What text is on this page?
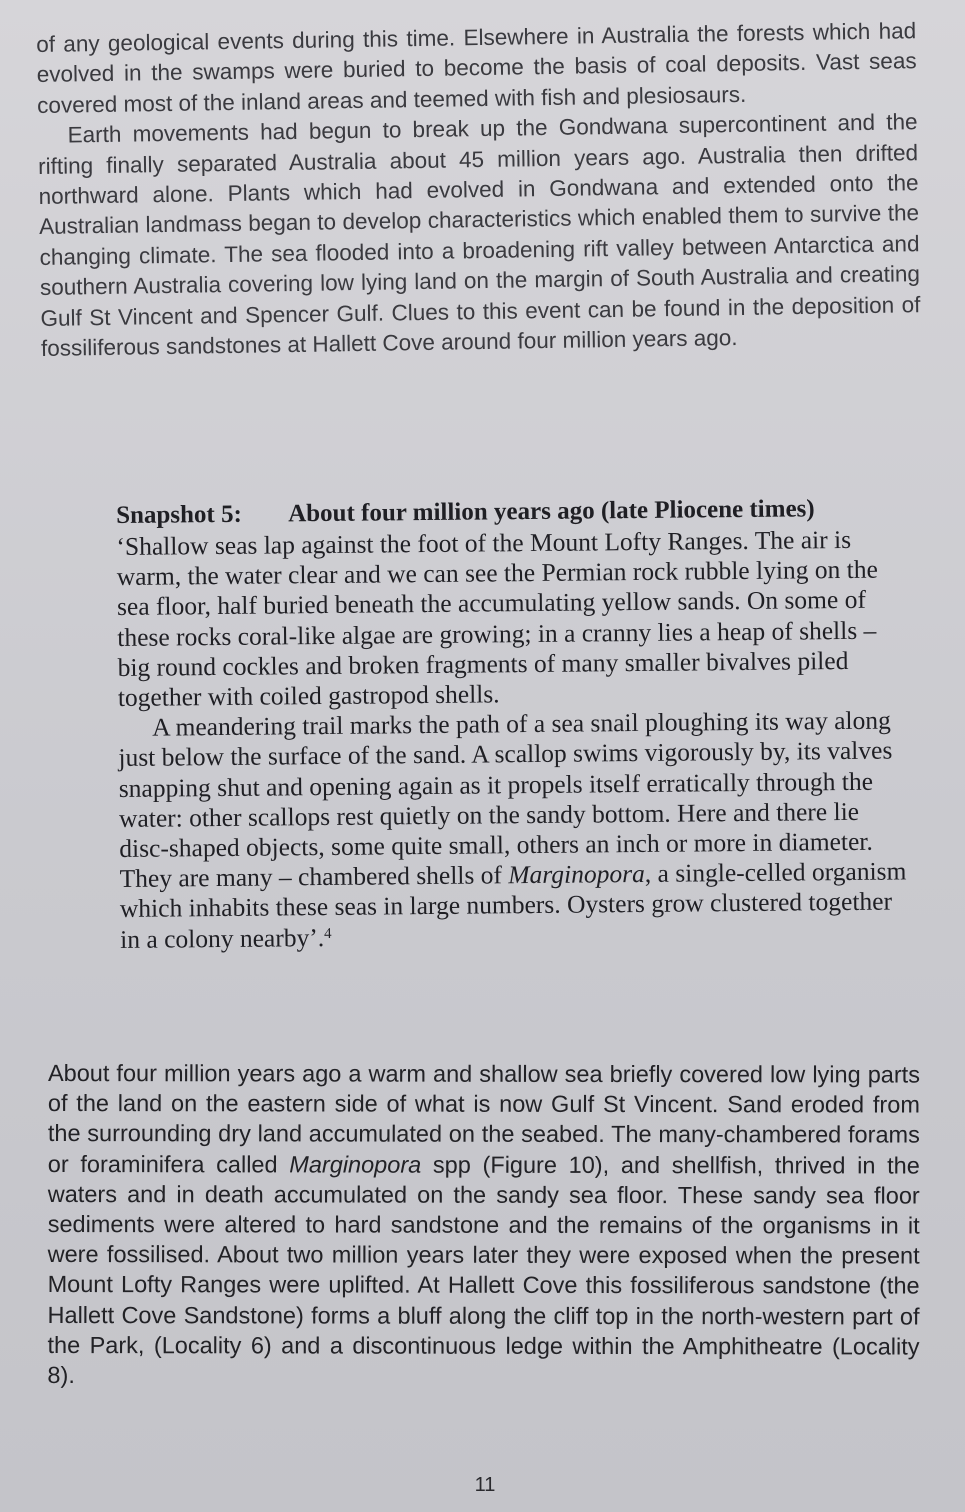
of any geological events during this time. Elsewhere in Australia the forests which had evolved in the swamps were buried to become the basis of coal deposits. Vast seas covered most of the inland areas and teemed with fish and plesiosaurs.

Earth movements had begun to break up the Gondwana supercontinent and the rifting finally separated Australia about 45 million years ago. Australia then drifted northward alone. Plants which had evolved in Gondwana and extended onto the Australian landmass began to develop characteristics which enabled them to survive the changing climate. The sea flooded into a broadening rift valley between Antarctica and southern Australia covering low lying land on the margin of South Australia and creating Gulf St Vincent and Spencer Gulf. Clues to this event can be found in the deposition of fossiliferous sandstones at Hallett Cove around four million years ago.

Snapshot 5: About four million years ago (late Pliocene times)

‘Shallow seas lap against the foot of the Mount Lofty Ranges. The air is warm, the water clear and we can see the Permian rock rubble lying on the sea floor, half buried beneath the accumulating yellow sands. On some of these rocks coral-like algae are growing; in a cranny lies a heap of shells – big round cockles and broken fragments of many smaller bivalves piled together with coiled gastropod shells.

A meandering trail marks the path of a sea snail ploughing its way along just below the surface of the sand. A scallop swims vigorously by, its valves snapping shut and opening again as it propels itself erratically through the water: other scallops rest quietly on the sandy bottom. Here and there lie disc-shaped objects, some quite small, others an inch or more in diameter. They are many – chambered shells of Marginopora, a single-celled organism which inhabits these seas in large numbers. Oysters grow clustered together in a colony nearby’.$^4$

About four million years ago a warm and shallow sea briefly covered low lying parts of the land on the eastern side of what is now Gulf St Vincent. Sand eroded from the surrounding dry land accumulated on the seabed. The many-chambered forams or foraminifera called Marginopora spp (Figure 10), and shellfish, thrived in the waters and in death accumulated on the sandy sea floor. These sandy sea floor sediments were altered to hard sandstone and the remains of the organisms in it were fossilised. About two million years later they were exposed when the present Mount Lofty Ranges were uplifted. At Hallett Cove this fossiliferous sandstone (the Hallett Cove Sandstone) forms a bluff along the cliff top in the north-western part of the Park, (Locality 6) and a discontinuous ledge within the Amphitheatre (Locality 8).

11
